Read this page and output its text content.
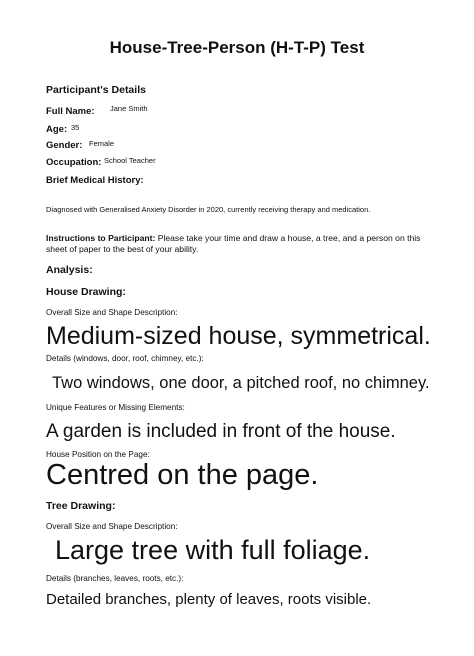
House-Tree-Person (H-T-P) Test
Participant's Details
Full Name: Jane Smith
Age: 35
Gender: Female
Occupation: School Teacher
Brief Medical History:
Diagnosed with Generalised Anxiety Disorder in 2020, currently receiving therapy and medication.
Instructions to Participant: Please take your time and draw a house, a tree, and a person on this sheet of paper to the best of your ability.
Analysis:
House Drawing:
Overall Size and Shape Description:
Medium-sized house, symmetrical.
Details (windows, door, roof, chimney, etc.):
Two windows, one door, a pitched roof, no chimney.
Unique Features or Missing Elements:
A garden is included in front of the house.
House Position on the Page:
Centred on the page.
Tree Drawing:
Overall Size and Shape Description:
Large tree with full foliage.
Details (branches, leaves, roots, etc.):
Detailed branches, plenty of leaves, roots visible.
